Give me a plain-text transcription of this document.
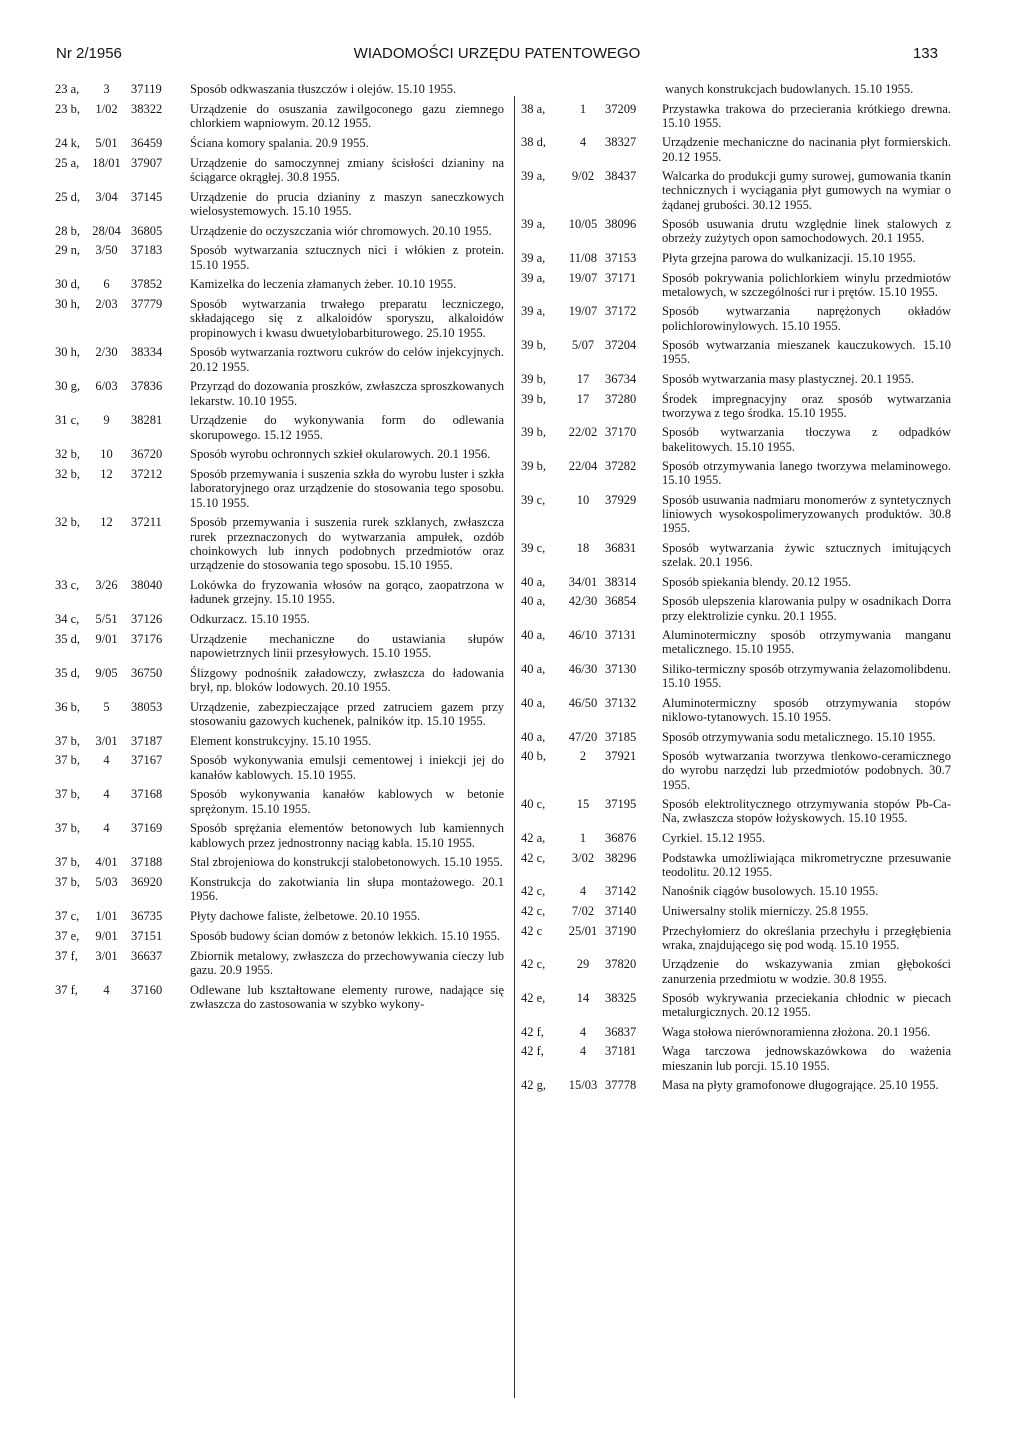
Nr 2/1956	WIADOMOŚCI URZĘDU PATENTOWEGO	133
23 a,	3	37119	Sposób odkwaszania tłuszczów i olejów. 15.10 1955.
23 b,	1/02	38322	Urządzenie do osuszania zawilgoconego gazu ziemnego chlorkiem wapniowym. 20.12 1955.
24 k,	5/01	36459	Ściana komory spalania. 20.9 1955.
25 a,	18/01 37907	Urządzenie do samoczynnej zmiany ścisłości dzianiny na ściągarce okrągłej. 30.8 1955.
25 d,	3/04	37145	Urządzenie do prucia dzianiny z maszyn saneczkowych wielosystemowych. 15.10 1955.
28 b, 28/04 36805	Urządzenie do oczyszczania wiór chromowych. 20.10 1955.
29 n,	3/50	37183	Sposób wytwarzania sztucznych nici i włókien z protein. 15.10 1955.
30 d,	6	37852	Kamizelka do leczenia złamanych żeber. 10.10 1955.
30 h,	2/03	37779	Sposób wytwarzania trwałego preparatu leczniczego, składającego się z alkaloidów sporyszu, alkaloidów propinowych i kwasu dwuetylobarbiturowego. 25.10 1955.
30 h,	2/30	38334	Sposób wytwarzania roztworu cukrów do celów injekcyjnych. 20.12 1955.
30 g,	6/03	37836	Przyrząd do dozowania proszków, zwłaszcza sproszkowanych lekarstw. 10.10 1955.
31 c,	9	38281	Urządzenie do wykonywania form do odlewania skorupowego. 15.12 1955.
32 b,	10	36720	Sposób wyrobu ochronnych szkieł okularowych. 20.1 1956.
32 b,	12	37212	Sposób przemywania i suszenia szkła do wyrobu luster i szkła laboratoryjnego oraz urządzenie do stosowania tego sposobu. 15.10 1955.
32 b,	12	37211	Sposób przemywania i suszenia rurek szklanych, zwłaszcza rurek przeznaczonych do wytwarzania ampułek, ozdób choinkowych lub innych podobnych przedmiotów oraz urządzenie do stosowania tego sposobu. 15.10 1955.
33 c,	3/26	38040	Lokówka do fryzowania włosów na gorąco, zaopatrzona w ładunek grzejny. 15.10 1955.
34 c,	5/51	37126	Odkurzacz. 15.10 1955.
35 d,	9/01	37176	Urządzenie mechaniczne do ustawiania słupów napowietrznych linii przesyłowych. 15.10 1955.
35 d,	9/05	36750	Ślizgowy podnośnik załadowczy, zwłaszcza do ładowania brył, np. bloków lodowych. 20.10 1955.
36 b,	5	38053	Urządzenie, zabezpieczające przed zatruciem gazem przy stosowaniu gazowych kuchenek, palników itp. 15.10 1955.
37 b,	3/01	37187	Element konstrukcyjny. 15.10 1955.
37 b,	4	37167	Sposób wykonywania emulsji cementowej i iniekcji jej do kanałów kablowych. 15.10 1955.
37 b,	4	37168	Sposób wykonywania kanałów kablowych w betonie sprężonym. 15.10 1955.
37 b,	4	37169	Sposób sprężania elementów betonowych lub kamiennych kablowych przez jednostronny naciąg kabla. 15.10 1955.
37 b,	4/01	37188	Stal zbrojeniowa do konstrukcji stalobetonowych. 15.10 1955.
37 b,	5/03	36920	Konstrukcja do zakotwiania lin słupa montażowego. 20.1 1956.
37 c,	1/01	36735	Płyty dachowe faliste, żelbetowe. 20.10 1955.
37 e,	9/01	37151	Sposób budowy ścian domów z betonów lekkich. 15.10 1955.
37 f,	3/01	36637	Zbiornik metalowy, zwłaszcza do przechowywania cieczy lub gazu. 20.9 1955.
37 f,	4	37160	Odlewane lub kształtowane elementy rurowe, nadające się zwłaszcza do zastosowania w szybko wykony-
wanych konstrukcjach budowlanych. 15.10 1955.
38 a,	1	37209	Przystawka trakowa do przecierania krótkiego drewna. 15.10 1955.
38 d,	4	38327	Urządzenie mechaniczne do nacinania płyt formierskich. 20.12 1955.
39 a,	9/02 38437	Walcarka do produkcji gumy surowej, gumowania tkanin technicznych i wyciągania płyt gumowych na wymiar o żądanej grubości. 30.12 1955.
39 a,	10/05 38096	Sposób usuwania drutu względnie linek stalowych z obrzeży zużytych opon samochodowych. 20.1 1955.
39 a,	11/08 37153	Płyta grzejna parowa do wulkanizacji. 15.10 1955.
39 a,	19/07 37171	Sposób pokrywania polichlorkiem winylu przedmiotów metalowych, w szczególności rur i prętów. 15.10 1955.
39 a,	19/07 37172	Sposób wytwarzania naprężonych okładów polichlorowinylowych. 15.10 1955.
39 b,	5/07 37204	Sposób wytwarzania mieszanek kauczukowych. 15.10 1955.
39 b,	17	36734	Sposób wytwarzania masy plastycznej. 20.1 1955.
39 b,	17	37280	Środek impregnacyjny oraz sposób wytwarzania tworzywa z tego środka. 15.10 1955.
39 b,	22/02 37170	Sposób wytwarzania tłoczywa z odpadków bakelitowych. 15.10 1955.
39 b,	22/04 37282	Sposób otrzymywania lanego tworzywa melaminowego. 15.10 1955.
39 c,	10	37929	Sposób usuwania nadmiaru monomerów z syntetycznych liniowych wysokospolimeryzowanych produktów. 30.8 1955.
39 c,	18	36831	Sposób wytwarzania żywic sztucznych imitujących szelak. 20.1 1956.
40 a,	34/01 38314	Sposób spiekania blendy. 20.12 1955.
40 a,	42/30 36854	Sposób ulepszenia klarowania pulpy w osadnikach Dorra przy elektrolizie cynku. 20.1 1955.
40 a,	46/10 37131	Aluminotermiczny sposób otrzymywania manganu metalicznego. 15.10 1955.
40 a,	46/30 37130	Siliko-termiczny sposób otrzymywania żelazomolibdenu. 15.10 1955.
40 a,	46/50 37132	Aluminotermiczny sposób otrzymywania stopów niklowo-tytanowych. 15.10 1955.
40 a,	47/20 37185	Sposób otrzymywania sodu metalicznego. 15.10 1955.
40 b,	2	37921	Sposób wytwarzania tworzywa tlenkowo-ceramicznego do wyrobu narzędzi lub przedmiotów podobnych. 30.7 1955.
40 c,	15	37195	Sposób elektrolitycznego otrzymywania stopów Pb-Ca-Na, zwłaszcza stopów łożyskowych. 15.10 1955.
42 a,	1	36876	Cyrkiel. 15.12 1955.
42 c,	3/02 38296	Podstawka umożliwiająca mikrometryczne przesuwanie teodolitu. 20.12 1955.
42 c,	4	37142	Nanośnik ciągów busolowych. 15.10 1955.
42 c,	7/02 37140	Uniwersalny stolik mierniczy. 25.8 1955.
42 c	25/01 37190	Przechyłomierz do określania przechyłu i przegłębienia wraka, znajdującego się pod wodą. 15.10 1955.
42 c,	29	37820	Urządzenie do wskazywania zmian głębokości zanurzenia przedmiotu w wodzie. 30.8 1955.
42 e,	14	38325	Sposób wykrywania przeciekania chłodnic w piecach metalurgicznych. 20.12 1955.
42 f,	4	36837	Waga stołowa nierównoramienna złożona. 20.1 1956.
42 f,	4	37181	Waga tarczowa jednowskazówkowa do ważenia mieszanin lub porcji. 15.10 1955.
42 g,	15/03 37778	Masa na płyty gramofonowe długogrające. 25.10 1955.
